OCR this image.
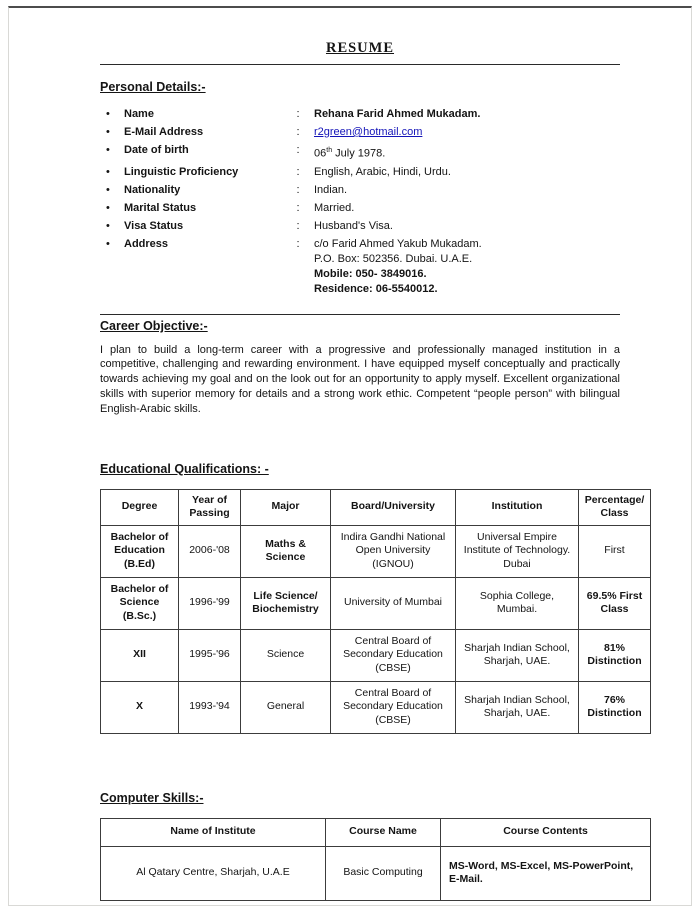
RESUME
Personal Details:-
•	Name	:	Rehana Farid Ahmed Mukadam.
•	E-Mail Address	:	r2green@hotmail.com
•	Date of birth	:	06th July 1978.
•	Linguistic Proficiency	:	English, Arabic, Hindi, Urdu.
•	Nationality	:	Indian.
•	Marital Status	:	Married.
•	Visa Status	:	Husband's Visa.
•	Address	:	c/o Farid Ahmed Yakub Mukadam.
P.O. Box: 502356. Dubai. U.A.E.
Mobile: 050- 3849016.
Residence: 06-5540012.
Career Objective:-

I plan to build a long-term career with a progressive and professionally managed institution in a competitive, challenging and rewarding environment. I have equipped myself conceptually and practically towards achieving my goal and on the look out for an opportunity to apply myself. Excellent organizational skills with superior memory for details and a strong work ethic. Competent “people person” with bilingual English-Arabic skills.

Educational Qualifications: -
Degree	Year of Passing	Major	Board/University	Institution	Percentage/ Class
Bachelor of Education (B.Ed)	2006-'08	Maths & Science	Indira Gandhi National Open University (IGNOU)	Universal Empire Institute of Technology. Dubai	First
Bachelor of Science (B.Sc.)	1996-'99	Life Science/ Biochemistry	University of Mumbai	Sophia College, Mumbai.	69.5% First Class
XII	1995-'96	Science	Central Board of Secondary Education (CBSE)	Sharjah Indian School, Sharjah, UAE.	81% Distinction
X	1993-'94	General	Central Board of Secondary Education (CBSE)	Sharjah Indian School, Sharjah, UAE.	76% Distinction
Computer Skills:-
Name of Institute	Course Name	Course Contents
Al Qatary Centre, Sharjah, U.A.E	Basic Computing	MS-Word, MS-Excel, MS-PowerPoint, E-Mail.
